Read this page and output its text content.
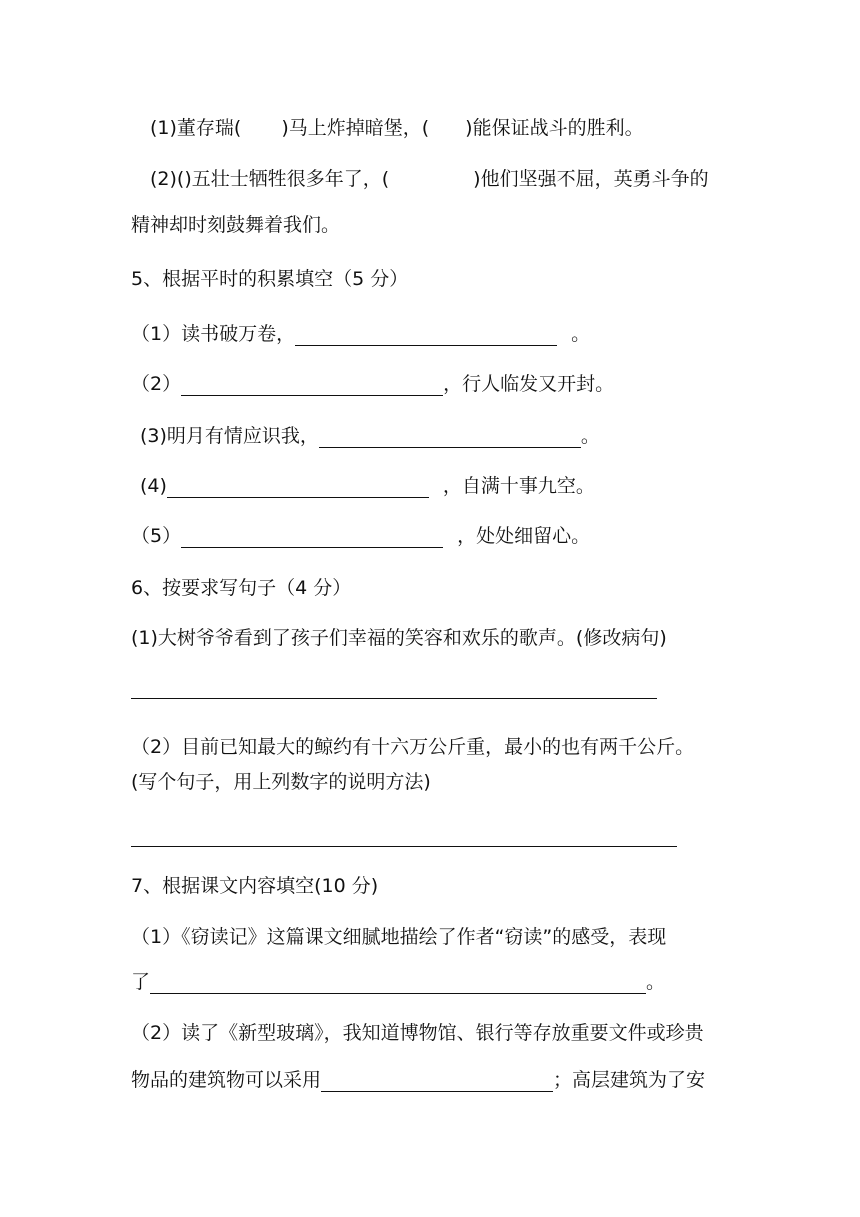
(1)董存瑞( )马上炸掉暗堡，( )能保证战斗的胜利。
(2)()五壮士牺牲很多年了，(	)他们坚强不屈，英勇斗争的
精神却时刻鼓舞着我们。
5、根据平时的积累填空（5 分）
（1）读书破万卷，	。
（2）	，行人临发又开封。
(3)明月有情应识我，	。
(4)	，自满十事九空。
（5）	，处处细留心。
6、按要求写句子（4 分）
(1)大树爷爷看到了孩子们幸福的笑容和欢乐的歌声。(修改病句)
（2）目前已知最大的鲸约有十六万公斤重，最小的也有两千公斤。
(写个句子，用上列数字的说明方法)
7、根据课文内容填空(10 分)
（1）《窃读记》这篇课文细腻地描绘了作者“窃读”的感受，表现
了	。
（2）读了《新型玻璃》，我知道博物馆、银行等存放重要文件或珍贵
物品的建筑物可以采用	；高层建筑为了安
